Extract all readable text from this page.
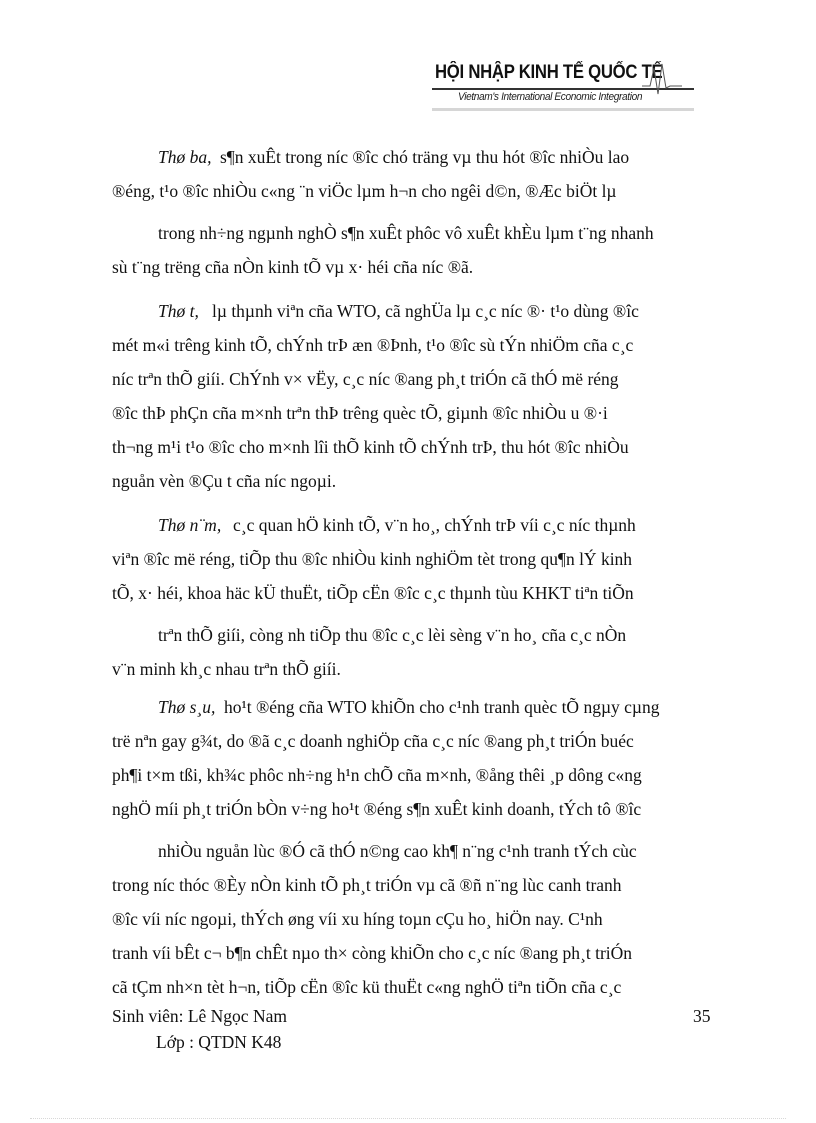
HỘI NHẬP KINH TẾ QUỐC TẾ
Vietnam's International Economic Integration
Thø ba, s¶n xuÊt trong níc ®îc chó träng vµ thu hót ®îc nhiÒu lao
®éng, t¹o ®îc nhiÒu c«ng ¨n viÖc lµm h¬n cho ngêi d©n, ®Æc biÖt lµ
trong nh÷ng ngµnh nghÒ s¶n xuÊt phôc vô xuÊt khÈu lµm t¨ng nhanh
sù t¨ng trëng cña nÒn kinh tÕ vµ x· héi cña níc ®ã.
Thø t, lµ thµnh viªn cña WTO, cã nghÜa lµ c¸c níc ®· t¹o dùng ®îc
mét m«i trêng kinh tÕ, chÝnh trÞ æn ®Þnh, t¹o ®îc sù tÝn nhiÖm cña c¸c
níc trªn thÕ giíi. ChÝnh v× vËy, c¸c níc ®ang ph¸t triÓn cã thÓ më réng
®îc thÞ phÇn cña m×nh trªn thÞ trêng quèc tÕ, giµnh ®îc nhiÒu u ®·i
th¬ng m¹i t¹o ®îc cho m×nh lîi thÕ kinh tÕ chÝnh trÞ, thu hót ®îc nhiÒu
nguån vèn ®Çu t cña níc ngoµi.
Thø n¨m, c¸c quan hÖ kinh tÕ, v¨n ho¸, chÝnh trÞ víi c¸c níc thµnh
viªn ®îc më réng, tiÕp thu ®îc nhiÒu kinh nghiÖm tèt trong qu¶n lÝ kinh
tÕ, x· héi, khoa häc kÜ thuËt, tiÕp cËn ®îc c¸c thµnh tùu KHKT tiªn tiÕn
trªn thÕ giíi, còng nh tiÕp thu ®îc c¸c lèi sèng v¨n ho¸ cña c¸c nÒn
v¨n minh kh¸c nhau trªn thÕ giíi.
Thø s¸u, ho¹t ®éng cña WTO khiÕn cho c¹nh tranh quèc tÕ ngµy cµng
trë nªn gay g¾t, do ®ã c¸c doanh nghiÖp cña c¸c níc ®ang ph¸t triÓn buéc
ph¶i t×m tßi, kh¾c phôc nh÷ng h¹n chÕ cña m×nh, ®ång thêi ¸p dông c«ng
nghÖ míi ph¸t triÓn bÒn v÷ng ho¹t ®éng s¶n xuÊt kinh doanh, tÝch tô ®îc
nhiÒu nguån lùc ®Ó cã thÓ n©ng cao kh¶ n¨ng c¹nh tranh tÝch cùc
trong níc thóc ®Èy nÒn kinh tÕ ph¸t triÓn vµ cã ®ñ n¨ng lùc canh tranh
®îc víi níc ngoµi, thÝch øng víi xu híng toµn cÇu ho¸ hiÖn nay. C¹nh
tranh víi bÊt c¬ b¶n chÊt nµo th× còng khiÕn cho c¸c níc ®ang ph¸t triÓn
cã tÇm nh×n tèt h¬n, tiÕp cËn ®îc kü thuËt c«ng nghÖ tiªn tiÕn cña c¸c
Sinh viên: Lê Ngọc Nam
Lớp : QTDN K48
35
